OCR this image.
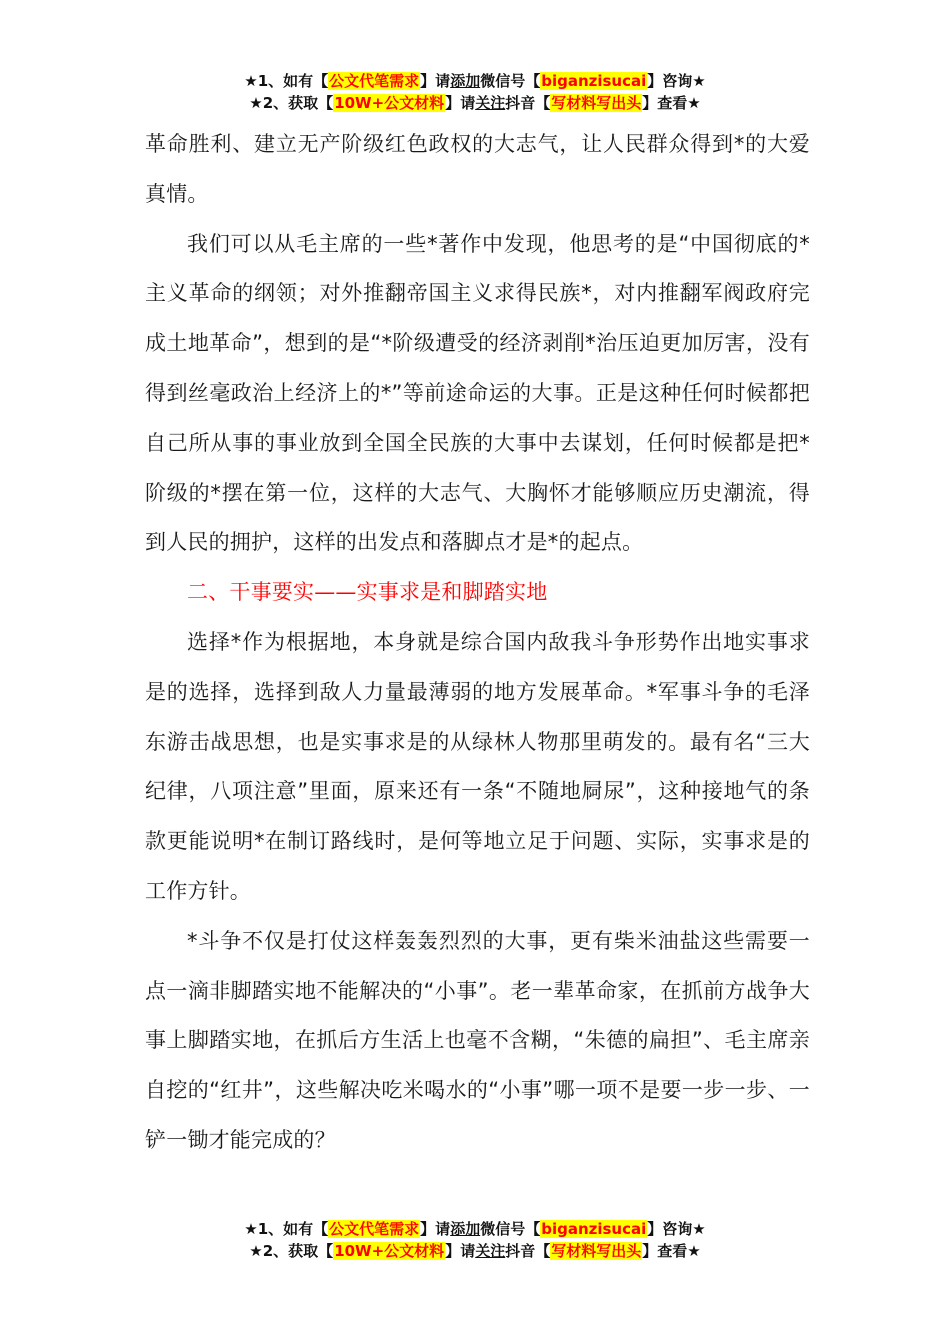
★1、如有【公文代笔需求】请添加微信号【biganzisucai】咨询★
★2、获取【10W+公文材料】请关注抖音【写材料写出头】查看★

革命胜利、建立无产阶级红色政权的大志气，让人民群众得到*的大爱真情。

我们可以从毛主席的一些*著作中发现，他思考的是“中国彻底的*主义革命的纲领；对外推翻帝国主义求得民族*，对内推翻军阀政府完成土地革命”，想到的是“*阶级遭受的经济剥削*治压迫更加厉害，没有得到丝毫政治上经济上的*”等前途命运的大事。正是这种任何时候都把自己所从事的事业放到全国全民族的大事中去谋划，任何时候都是把*阶级的*摆在第一位，这样的大志气、大胸怀才能够顺应历史潮流，得到人民的拥护，这样的出发点和落脚点才是*的起点。

二、干事要实——实事求是和脚踏实地

选择*作为根据地，本身就是综合国内敌我斗争形势作出地实事求是的选择，选择到敌人力量最薄弱的地方发展革命。*军事斗争的毛泽东游击战思想，也是实事求是的从绿林人物那里萌发的。最有名“三大纪律，八项注意”里面，原来还有一条“不随地屙尿”，这种接地气的条款更能说明*在制订路线时，是何等地立足于问题、实际，实事求是的工作方针。

*斗争不仅是打仗这样轰轰烈烈的大事，更有柴米油盐这些需要一点一滴非脚踏实地不能解决的“小事”。老一辈革命家，在抓前方战争大事上脚踏实地，在抓后方生活上也毫不含糊，“朱德的扁担”、毛主席亲自挖的“红井”，这些解决吃米喝水的“小事”哪一项不是要一步一步、一铲一锄才能完成的？

★1、如有【公文代笔需求】请添加微信号【biganzisucai】咨询★
★2、获取【10W+公文材料】请关注抖音【写材料写出头】查看★
